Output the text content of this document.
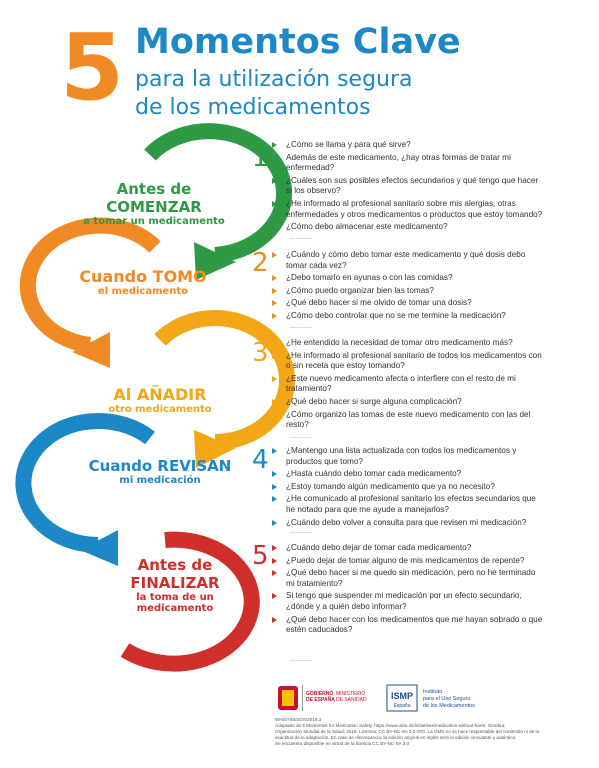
5 Momentos Clave
para la utilización segura
de los medicamentos
Antes de
COMENZAR
a tomar un medicamento
Cuando TOMO
el medicamento
Al AÑADIR
otro medicamento
Cuando REVISAN
mi medicación
Antes de
FINALIZAR
la toma de un
medicamento
1
2
3
4
5
¿Cómo se llama y para qué sirve?
Además de este medicamento, ¿hay otras formas de tratar mi enfermedad?
¿Cuáles son sus posibles efectos secundarios y qué tengo que hacer si los observo?
¿He informado al profesional sanitario sobre mis alergias, otras enfermedades y otros medicamentos o productos que estoy tomando?
¿Cómo debo almacenar este medicamento?
¿Cuándo y cómo debo tomar este medicamento y qué dosis debo tomar cada vez?
¿Debo tomarlo en ayunas o con las comidas?
¿Cómo puedo organizar bien las tomas?
¿Qué debo hacer si me olvido de tomar una dosis?
¿Cómo debo controlar que no se me termine la medicación?
¿He entendido la necesidad de tomar otro medicamento más?
¿He informado al profesional sanitario de todos los medicamentos con o sin receta que estoy tomando?
¿Este nuevo medicamento afecta o interfiere con el resto de mi tratamiento?
¿Qué debo hacer si surge alguna complicación?
¿Cómo organizo las tomas de este nuevo medicamento con las del resto?
¿Mantengo una lista actualizada con todos los medicamentos y productos que tomo?
¿Hasta cuándo debo tomar cada medicamento?
¿Estoy tomando algún medicamento que ya no necesito?
¿He comunicado al profesional sanitario los efectos secundarios que he notado para que me ayude a manejarlos?
¿Cuándo debo volver a consulta para que revisen mi medicación?
¿Cuándo debo dejar de tomar cada medicamento?
¿Puedo dejar de tomar alguno de mis medicamentos de repente?
¿Qué debo hacer si me quedo sin medicación, pero no he terminado mi tratamiento?
Si tengo que suspender mi medicación por un efecto secundario, ¿dónde y a quién debo informar?
¿Qué debo hacer con los medicamentos que me hayan sobrado o que estén caducados?
GOBIERNO
DE ESPAÑA
MINISTERIO
DE SANIDAD	ISMP
España
Instituto
para el Uso Seguro
de los Medicamentos
WHO/HIS/SDS/2019.3
Adaptado de 5 Momentos for Medication Safety. https://www.who.int/initiatives/medication-without-harm. Ginebra:
Organización Mundial de la Salud; 2019. Licencia: CC BY-NC-SA 3.0 IGO. La OMS no se hace responsable del contenido ni de la
exactitud de la adaptación. En caso de discrepancia, la edición original en inglés será la edición vinculante y auténtica.
Se encuentra disponible en virtud de la licencia CC BY-NC-SA 3.0
